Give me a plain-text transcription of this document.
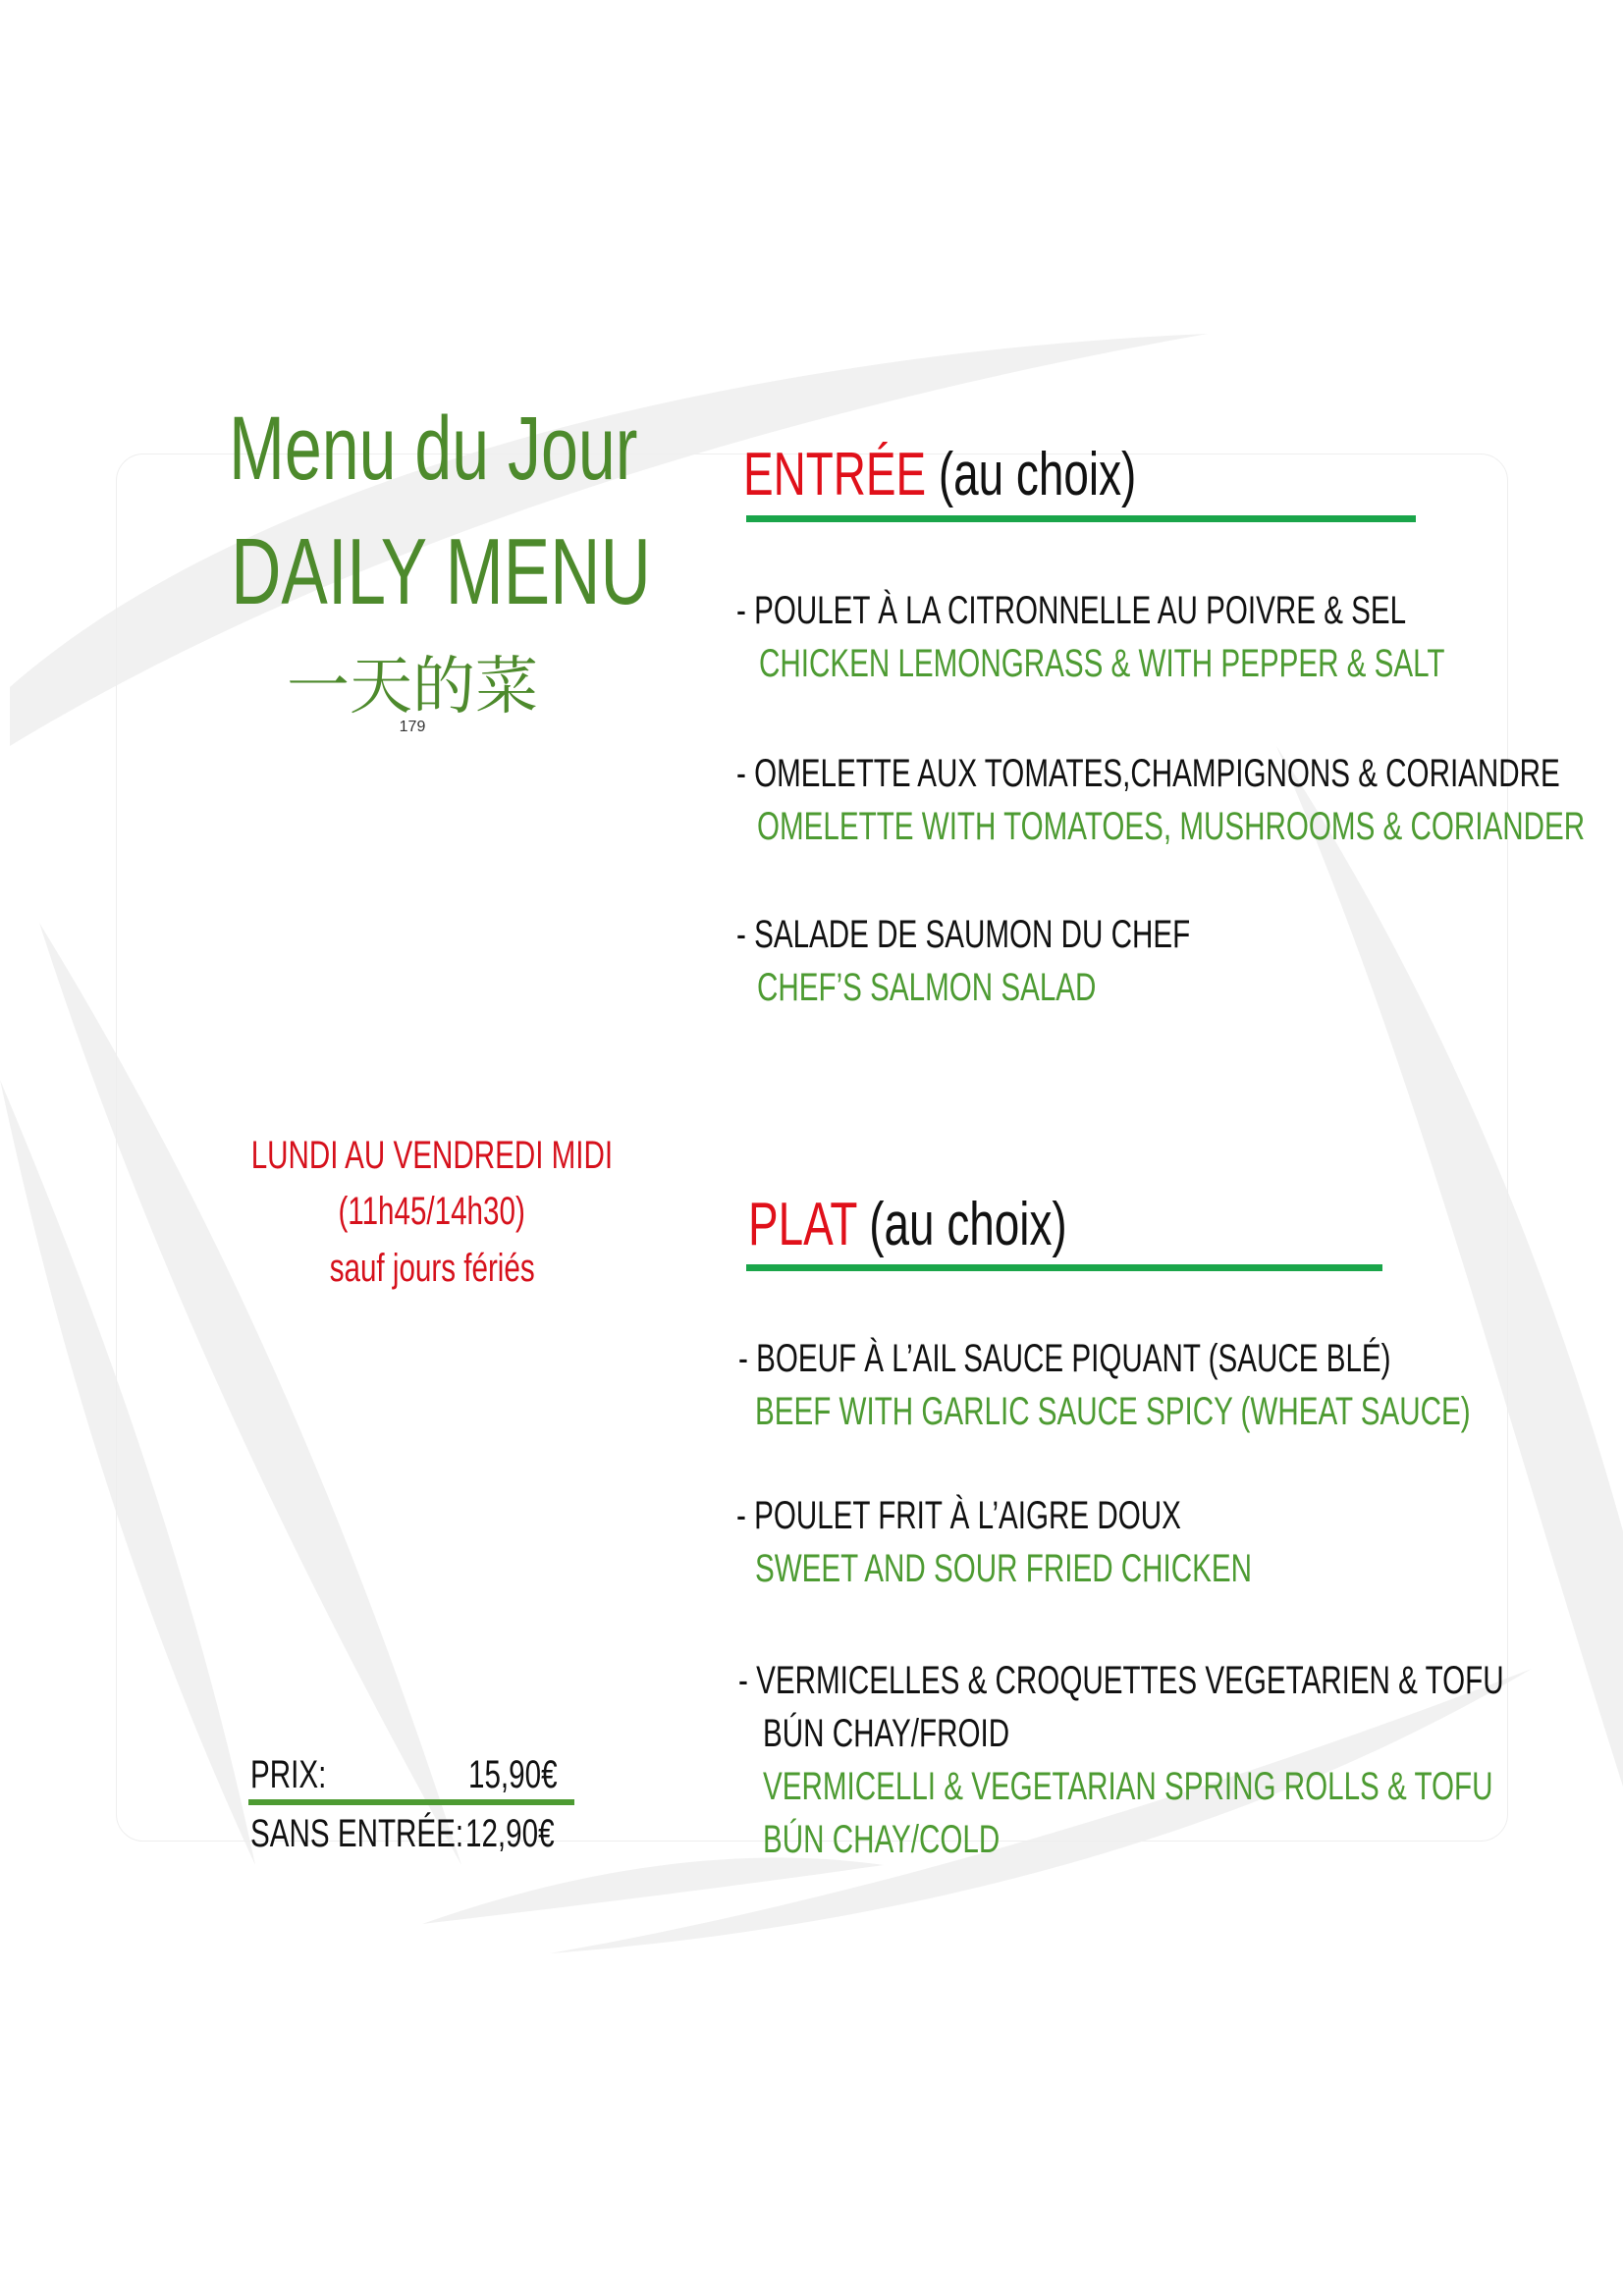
Menu du Jour
DAILY MENU
一天的菜
179
LUNDI AU VENDREDI MIDI
(11h45/14h30)
sauf jours fériés
PRIX:	15,90€
SANS ENTRÉE: 12,90€
ENTRÉE (au choix)
- POULET À LA CITRONNELLE AU POIVRE & SEL
CHICKEN LEMONGRASS & WITH PEPPER & SALT
- OMELETTE AUX TOMATES,CHAMPIGNONS & CORIANDRE
OMELETTE WITH TOMATOES, MUSHROOMS & CORIANDER
- SALADE DE SAUMON DU CHEF
CHEF’S SALMON SALAD
PLAT (au choix)
- BOEUF À L’AIL SAUCE PIQUANT (SAUCE BLÉ)
BEEF WITH GARLIC SAUCE SPICY (WHEAT SAUCE)
- POULET FRIT À L’AIGRE DOUX
SWEET AND SOUR FRIED CHICKEN
- VERMICELLES & CROQUETTES VEGETARIEN & TOFU
BÚN CHAY/FROID
VERMICELLI & VEGETARIAN SPRING ROLLS & TOFU
BÚN CHAY/COLD
